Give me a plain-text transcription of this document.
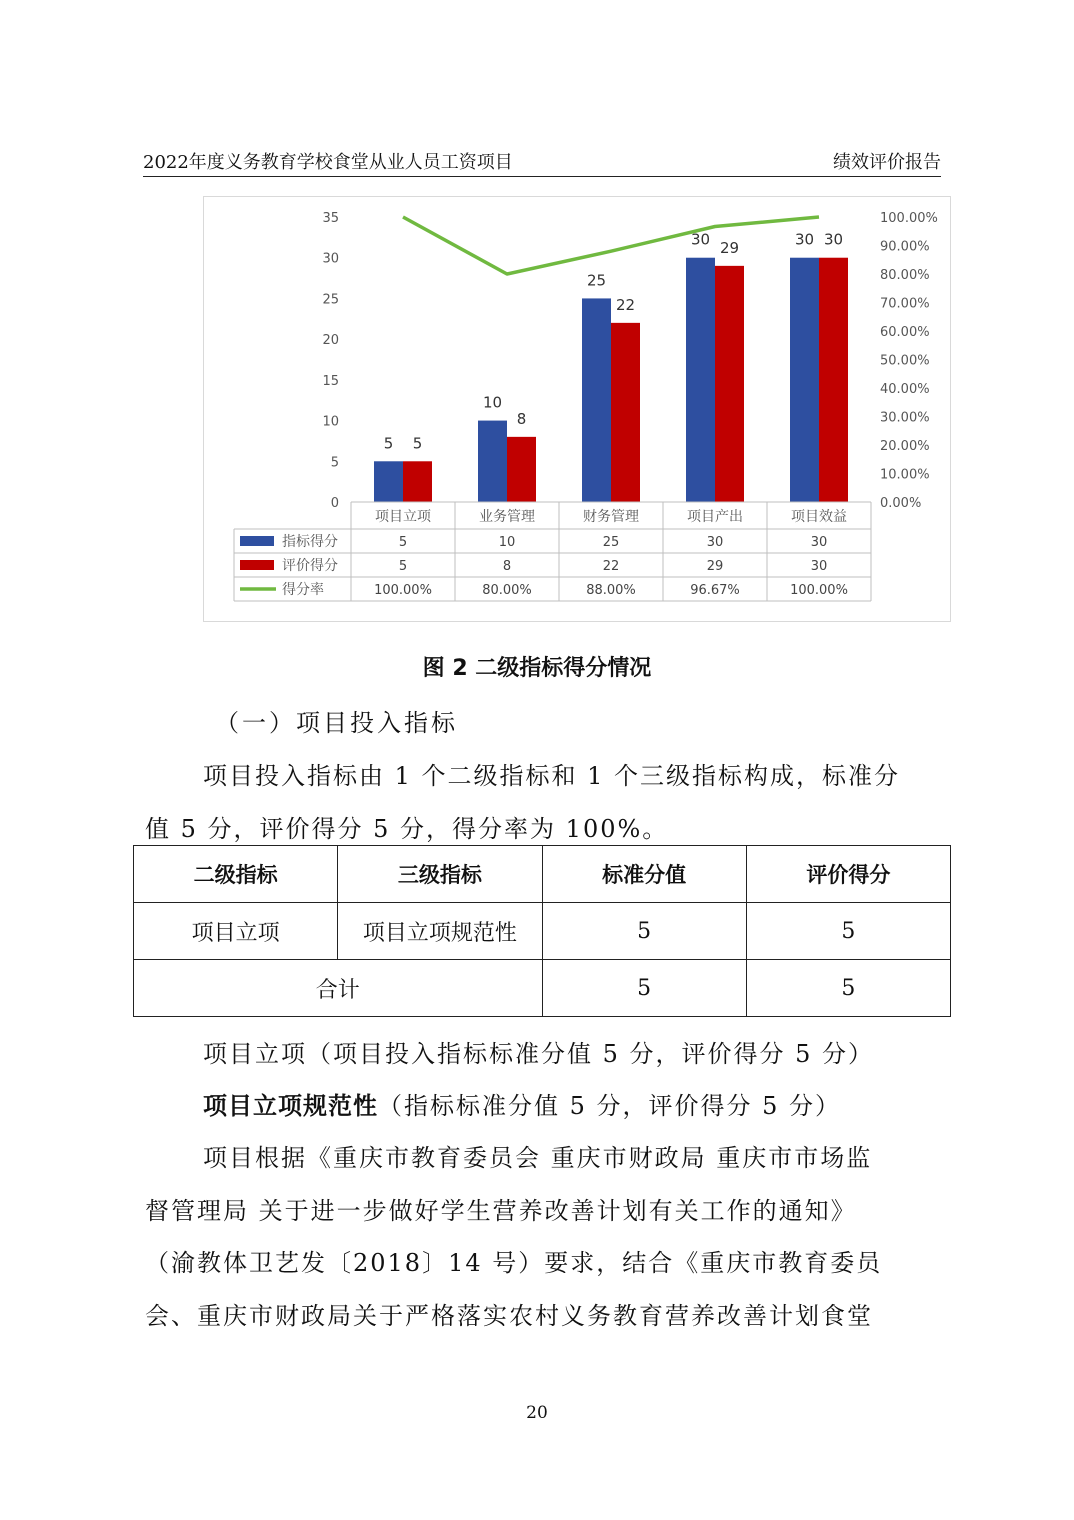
2022年度义务教育学校食堂从业人员工资项目	绩效评价报告
35
30
25
20
15
10
5
0
100.00%
90.00%
80.00%
70.00%
60.00%
50.00%
40.00%
30.00%
20.00%
10.00%
0.00%
5 5
10
8
25
22
30 29	30 30
项目立项	业务管理	财务管理	项目产出	项目效益
指标得分	5	10	25	30	30
评价得分	5	8	22	29	30
得分率	100.00%	80.00%	88.00%	96.67%	100.00%
图 2 二级指标得分情况
（一）项目投入指标
项目投入指标由 1 个二级指标和 1 个三级指标构成，标准分
值 5 分，评价得分 5 分，得分率为 100%。
二级指标	三级指标	标准分值	评价得分
项目立项	项目立项规范性	5	5
合计		5	5
项目立项（项目投入指标标准分值 5 分，评价得分 5 分）
项目立项规范性（指标标准分值 5 分，评价得分 5 分）
项目根据《重庆市教育委员会 重庆市财政局 重庆市市场监
督管理局 关于进一步做好学生营养改善计划有关工作的通知》
（渝教体卫艺发〔2018〕14 号）要求，结合《重庆市教育委员
会、重庆市财政局关于严格落实农村义务教育营养改善计划食堂
20
